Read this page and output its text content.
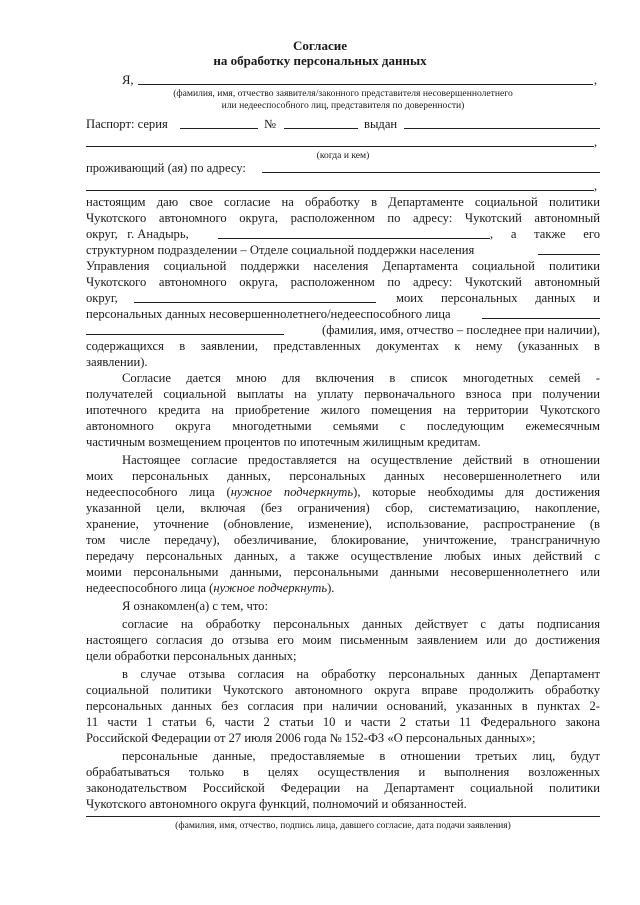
Согласие
на обработку персональных данных
Я,	,
(фамилия, имя, отчество заявителя/законного представителя несовершеннолетнего
или недееспособного лиц, представителя по доверенности)
Паспорт: серия	№	выдан
,
(когда и кем)
проживающий (ая) по адресу:
,
настоящим даю свое согласие на обработку в Департаменте социальной политики
Чукотского автономного округа, расположенном по адресу: Чукотский автономный
округ, г. Анадырь,	, а также его
структурном подразделении – Отделе социальной поддержки населения
Управления социальной поддержки населения Департамента социальной политики
Чукотского автономного округа, расположенном по адресу: Чукотский автономный
округ,	моих персональных данных и
персональных данных несовершеннолетнего/недееспособного лица
(фамилия, имя, отчество – последнее при наличии),
содержащихся в заявлении, представленных документах к нему (указанных в
заявлении).
Согласие дается мною для включения в список многодетных семей -
получателей социальной выплаты на уплату первоначального взноса при получении
ипотечного кредита на приобретение жилого помещения на территории Чукотского
автономного округа многодетными семьями с последующим ежемесячным
частичным возмещением процентов по ипотечным жилищным кредитам.
Настоящее согласие предоставляется на осуществление действий в отношении
моих персональных данных, персональных данных несовершеннолетнего или
недееспособного лица (нужное подчеркнуть), которые необходимы для достижения
указанной цели, включая (без ограничения) сбор, систематизацию, накопление,
хранение, уточнение (обновление, изменение), использование, распространение (в
том числе передачу), обезличивание, блокирование, уничтожение, трансграничную
передачу персональных данных, а также осуществление любых иных действий с
моими персональными данными, персональными данными несовершеннолетнего или
недееспособного лица (нужное подчеркнуть).
Я ознакомлен(а) с тем, что:
согласие на обработку персональных данных действует с даты подписания
настоящего согласия до отзыва его моим письменным заявлением или до достижения
цели обработки персональных данных;
в случае отзыва согласия на обработку персональных данных Департамент
социальной политики Чукотского автономного округа вправе продолжить обработку
персональных данных без согласия при наличии оснований, указанных в пунктах 2-
11 части 1 статьи 6, части 2 статьи 10 и части 2 статьи 11 Федерального закона
Российской Федерации от 27 июля 2006 года № 152-ФЗ «О персональных данных»;
персональные данные, предоставляемые в отношении третьих лиц, будут
обрабатываться только в целях осуществления и выполнения возложенных
законодательством Российской Федерации на Департамент социальной политики
Чукотского автономного округа функций, полномочий и обязанностей.
(фамилия, имя, отчество, подпись лица, давшего согласие, дата подачи заявления)
